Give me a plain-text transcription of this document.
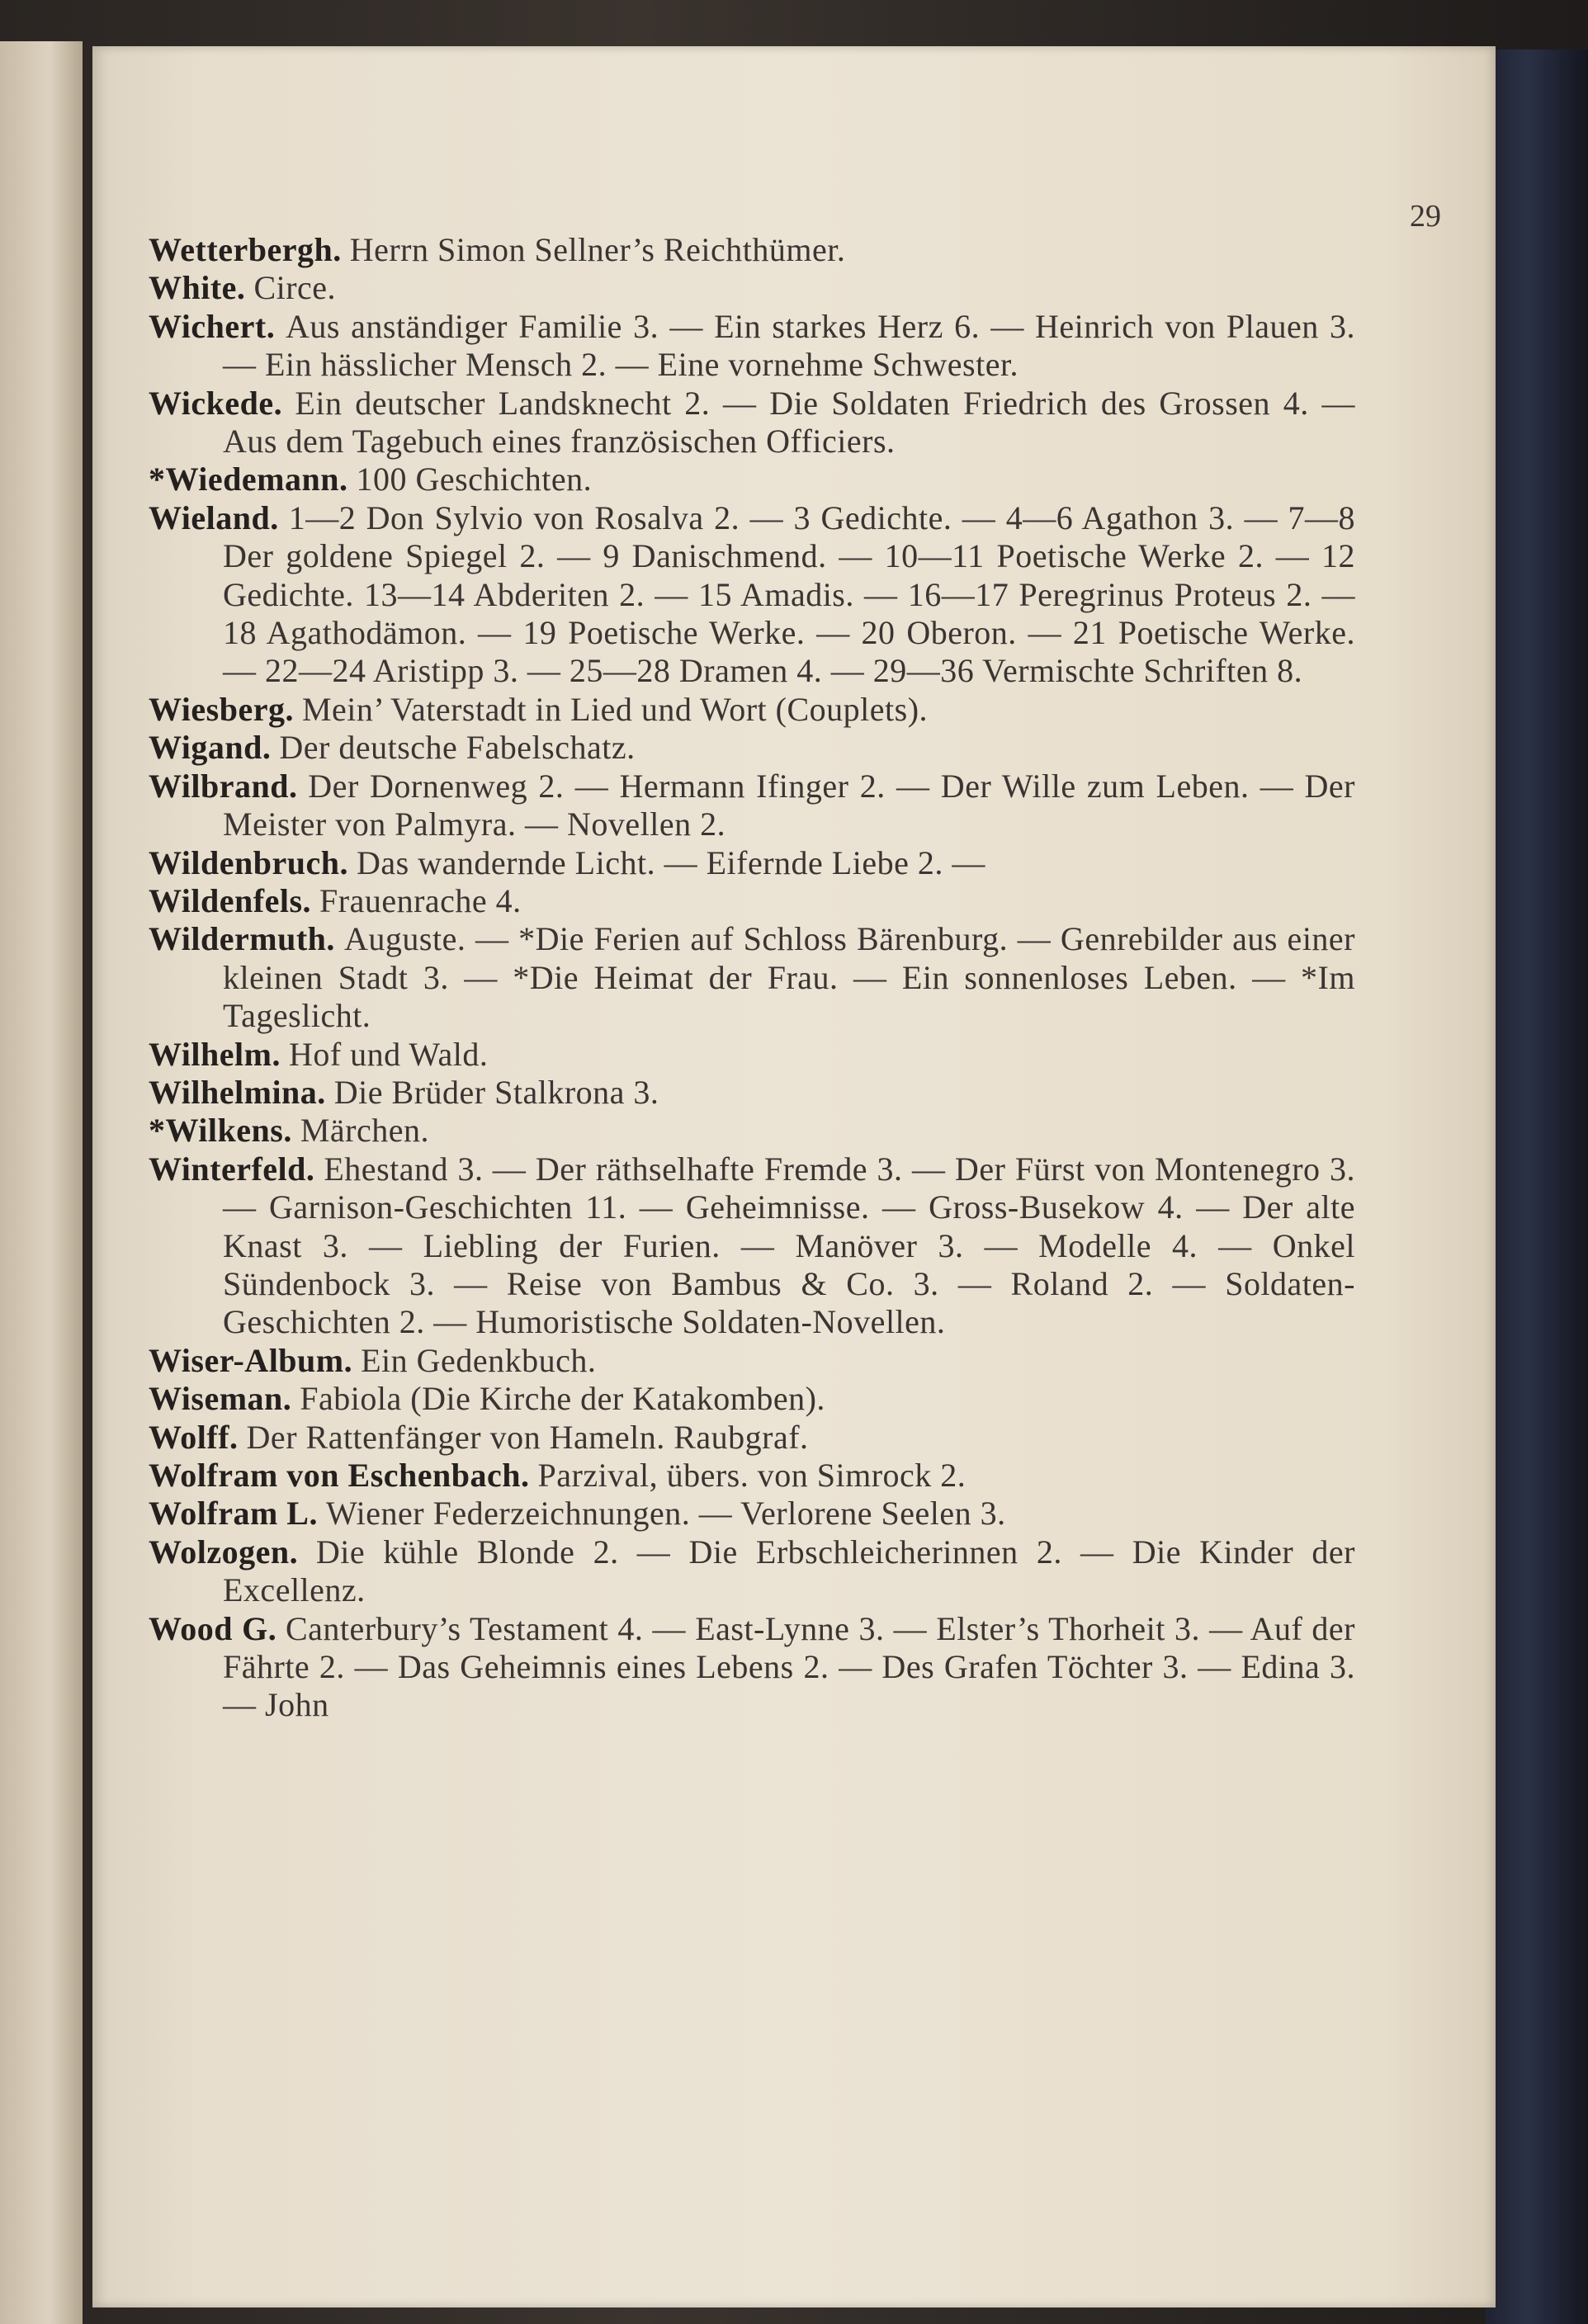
29

Wetterbergh. Herrn Simon Sellner’s Reichthümer.

White. Circe.

Wichert. Aus anständiger Familie 3. — Ein starkes Herz 6. — Heinrich von Plauen 3. — Ein hässlicher Mensch 2. — Eine vornehme Schwester.

Wickede. Ein deutscher Landsknecht 2. — Die Soldaten Friedrich des Grossen 4. — Aus dem Tagebuch eines französischen Officiers.

*Wiedemann. 100 Geschichten.

Wieland. 1—2 Don Sylvio von Rosalva 2. — 3 Gedichte. — 4—6 Agathon 3. — 7—8 Der goldene Spiegel 2. — 9 Danischmend. — 10—11 Poetische Werke 2. — 12 Gedichte. 13—14 Abderiten 2. — 15 Amadis. — 16—17 Peregrinus Proteus 2. — 18 Agathodämon. — 19 Poetische Werke. — 20 Oberon. — 21 Poetische Werke. — 22—24 Aristipp 3. — 25—28 Dramen 4. — 29—36 Vermischte Schriften 8.

Wiesberg. Mein’ Vaterstadt in Lied und Wort (Couplets).

Wigand. Der deutsche Fabelschatz.

Wilbrand. Der Dornenweg 2. — Hermann Ifinger 2. — Der Wille zum Leben. — Der Meister von Palmyra. — Novellen 2.

Wildenbruch. Das wandernde Licht. — Eifernde Liebe 2. —

Wildenfels. Frauenrache 4.

Wildermuth. Auguste. — *Die Ferien auf Schloss Bärenburg. — Genrebilder aus einer kleinen Stadt 3. — *Die Heimat der Frau. — Ein sonnenloses Leben. — *Im Tageslicht.

Wilhelm. Hof und Wald.

Wilhelmina. Die Brüder Stalkrona 3.

*Wilkens. Märchen.

Winterfeld. Ehestand 3. — Der räthselhafte Fremde 3. — Der Fürst von Montenegro 3. — Garnison-Geschichten 11. — Geheimnisse. — Gross-Busekow 4. — Der alte Knast 3. — Liebling der Furien. — Manöver 3. — Modelle 4. — Onkel Sündenbock 3. — Reise von Bambus & Co. 3. — Roland 2. — Soldaten-Geschichten 2. — Humoristische Soldaten-Novellen.

Wiser-Album. Ein Gedenkbuch.

Wiseman. Fabiola (Die Kirche der Katakomben).

Wolff. Der Rattenfänger von Hameln. Raubgraf.

Wolfram von Eschenbach. Parzival, übers. von Simrock 2.

Wolfram L. Wiener Federzeichnungen. — Verlorene Seelen 3.

Wolzogen. Die kühle Blonde 2. — Die Erbschleicherinnen 2. — Die Kinder der Excellenz.

Wood G. Canterbury’s Testament 4. — East-Lynne 3. — Elster’s Thorheit 3. — Auf der Fährte 2. — Das Geheimnis eines Lebens 2. — Des Grafen Töchter 3. — Edina 3. — John
